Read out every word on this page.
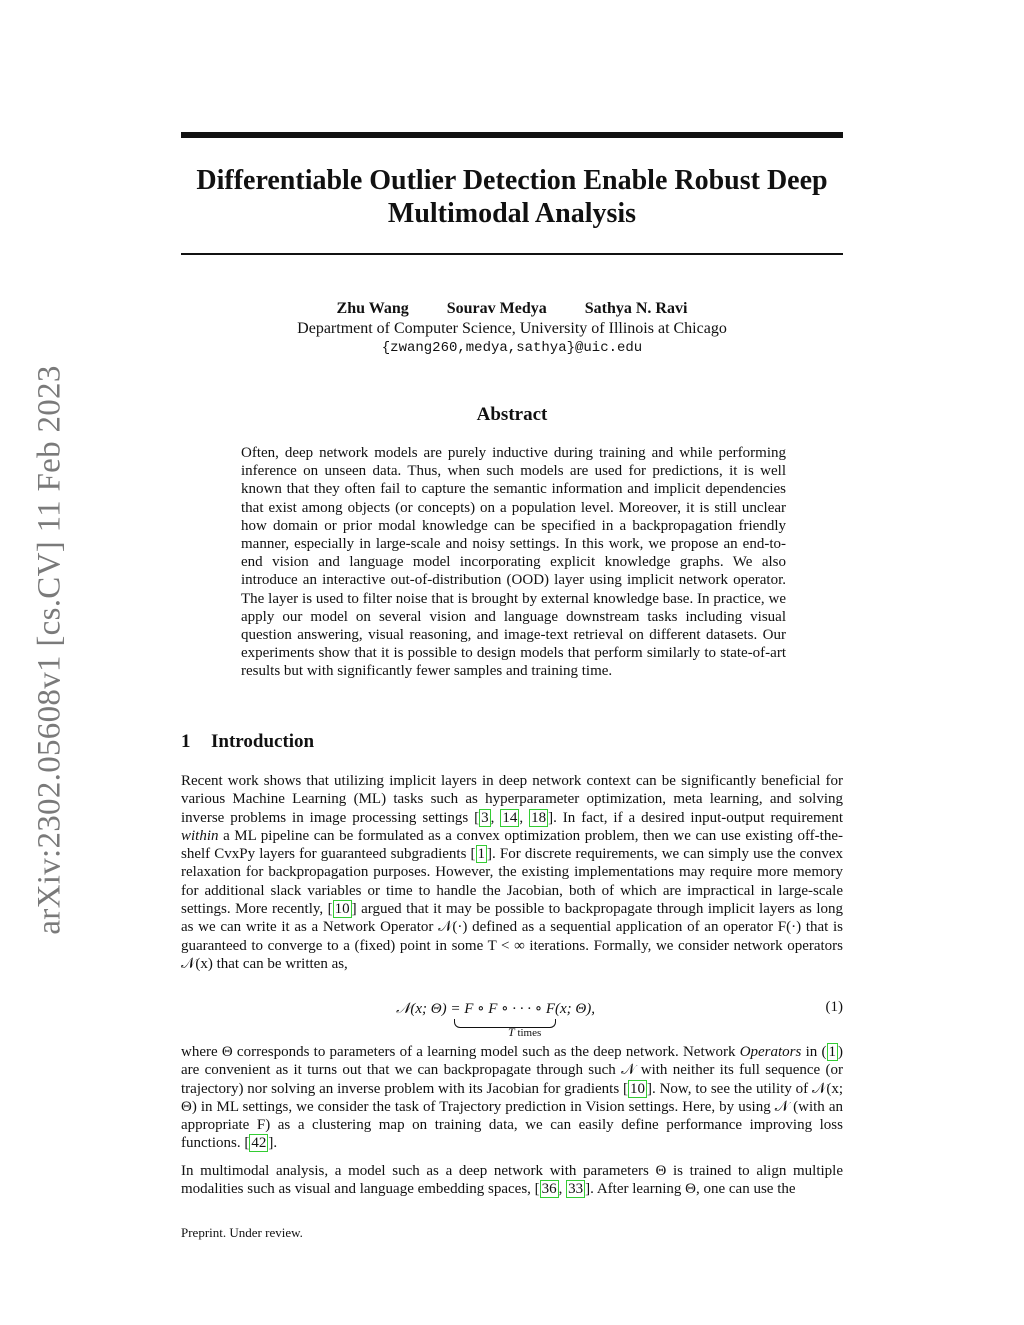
arXiv:2302.05608v1 [cs.CV] 11 Feb 2023
Differentiable Outlier Detection Enable Robust Deep Multimodal Analysis
Zhu Wang Sourav Medya Sathya N. Ravi
Department of Computer Science, University of Illinois at Chicago
{zwang260,medya,sathya}@uic.edu
Abstract
Often, deep network models are purely inductive during training and while performing inference on unseen data. Thus, when such models are used for predictions, it is well known that they often fail to capture the semantic information and implicit dependencies that exist among objects (or concepts) on a population level. Moreover, it is still unclear how domain or prior modal knowledge can be specified in a backpropagation friendly manner, especially in large-scale and noisy settings. In this work, we propose an end-to-end vision and language model incorporating explicit knowledge graphs. We also introduce an interactive out-of-distribution (OOD) layer using implicit network operator. The layer is used to filter noise that is brought by external knowledge base. In practice, we apply our model on several vision and language downstream tasks including visual question answering, visual reasoning, and image-text retrieval on different datasets. Our experiments show that it is possible to design models that perform similarly to state-of-art results but with significantly fewer samples and training time.
1 Introduction
Recent work shows that utilizing implicit layers in deep network context can be significantly beneficial for various Machine Learning (ML) tasks such as hyperparameter optimization, meta learning, and solving inverse problems in image processing settings [ 3 , 14 , 18 ]. In fact, if a desired input-output requirement within a ML pipeline can be formulated as a convex optimization problem, then we can use existing off-the-shelf CvxPy layers for guaranteed subgradients [ 1 ]. For discrete requirements, we can simply use the convex relaxation for backpropagation purposes. However, the existing implementations may require more memory for additional slack variables or time to handle the Jacobian, both of which are impractical in large-scale settings. More recently, [ 10 ] argued that it may be possible to backpropagate through implicit layers as long as we can write it as a Network Operator 𝒩(·) defined as a sequential application of an operator F(·) that is guaranteed to converge to a (fixed) point in some T < ∞ iterations. Formally, we consider network operators 𝒩(x) that can be written as,
𝒩(x; Θ) = F ∘ F ∘ · · · ∘ F(x; Θ),
T times
(1)
where Θ corresponds to parameters of a learning model such as the deep network. Network Operators in ( 1 ) are convenient as it turns out that we can backpropagate through such 𝒩 with neither its full sequence (or trajectory) nor solving an inverse problem with its Jacobian for gradients [ 10 ]. Now, to see the utility of 𝒩(x; Θ) in ML settings, we consider the task of Trajectory prediction in Vision settings. Here, by using 𝒩 (with an appropriate F) as a clustering map on training data, we can easily define performance improving loss functions. [ 42 ].
In multimodal analysis, a model such as a deep network with parameters Θ is trained to align multiple modalities such as visual and language embedding spaces, [ 36 , 33 ]. After learning Θ, one can use the
Preprint. Under review.
